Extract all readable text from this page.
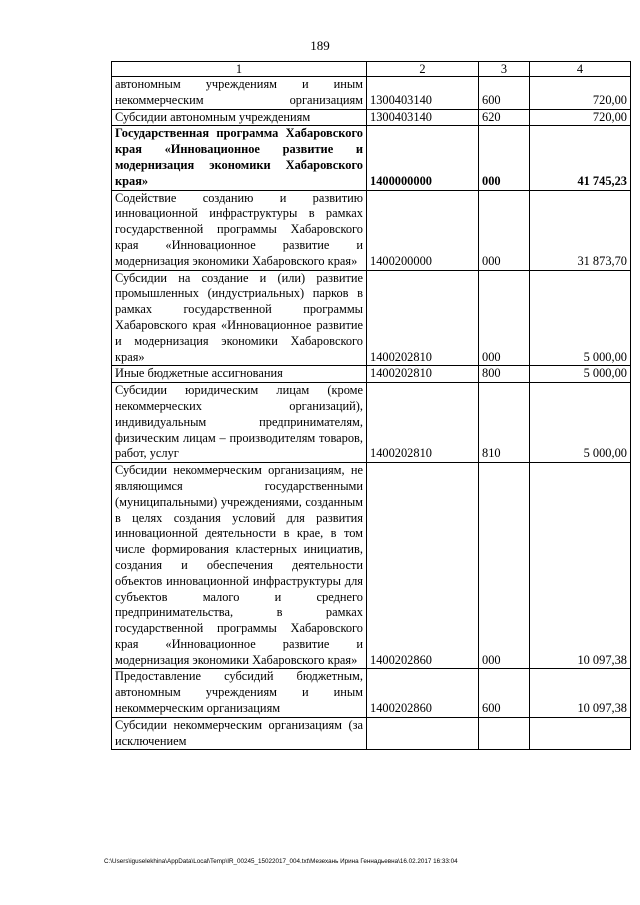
189
1	2	3	4
автономным учреждениям и иным некоммерческим организациям	1300403140	600	720,00
Субсидии автономным учреждениям	1300403140	620	720,00
Государственная программа Хабаровского края «Инновационное развитие и модернизация экономики Хабаровского края»	1400000000	000	41 745,23
Содействие созданию и развитию инновационной инфраструктуры в рамках государственной программы Хабаровского края «Инновационное развитие и модернизация экономики Хабаровского края»	1400200000	000	31 873,70
Субсидии на создание и (или) развитие промышленных (индустриальных) парков в рамках государственной программы Хабаровского края «Инновационное развитие и модернизация экономики Хабаровского края»	1400202810	000	5 000,00
Иные бюджетные ассигнования	1400202810	800	5 000,00
Субсидии юридическим лицам (кроме некоммерческих организаций), индивидуальным предпринимателям, физическим лицам – производителям товаров, работ, услуг	1400202810	810	5 000,00
Субсидии некоммерческим организациям, не являющимся государственными (муниципальными) учреждениями, созданным в целях создания условий для развития инновационной деятельности в крае, в том числе формирования кластерных инициатив, создания и обеспечения деятельности объектов инновационной инфраструктуры для субъектов малого и среднего предпринимательства, в рамках государственной программы Хабаровского края «Инновационное развитие и модернизация экономики Хабаровского края»	1400202860	000	10 097,38
Предоставление субсидий бюджетным, автономным учреждениям и иным некоммерческим организациям	1400202860	600	10 097,38
Субсидии некоммерческим организациям (за исключением			
C:\Users\iguselekhina\AppData\Local\Temp\IR_00245_15022017_004.txt\Мезехань Ирина Геннадьевна\16.02.2017 16:33:04
